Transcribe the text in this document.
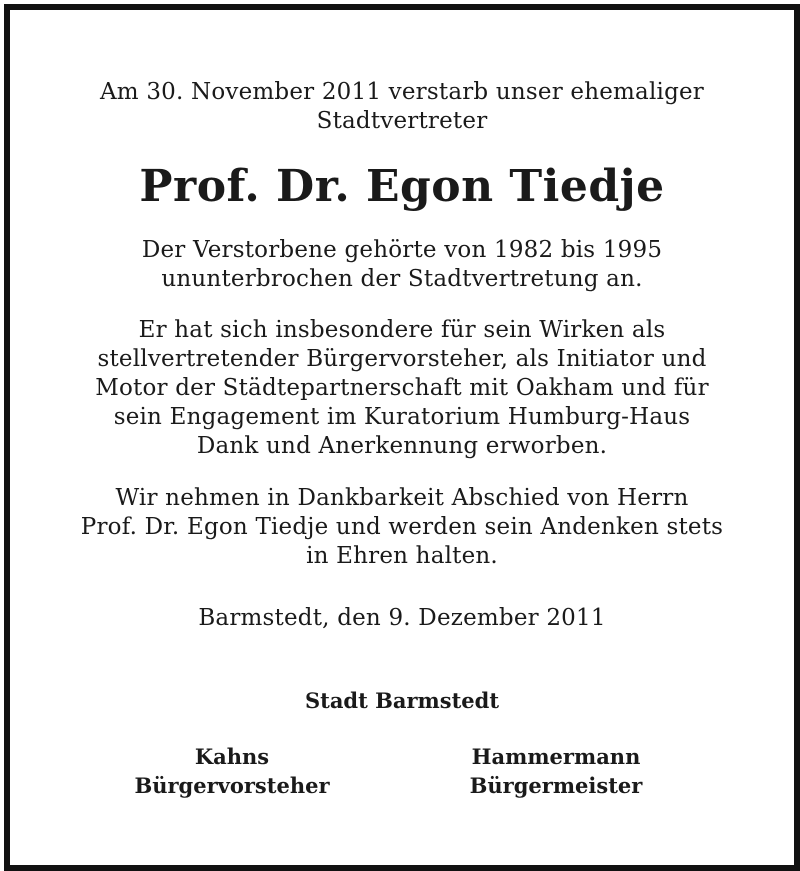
Am 30. November 2011 verstarb unser ehemaliger
Stadtvertreter
Prof. Dr. Egon Tiedje
Der Verstorbene gehörte von 1982 bis 1995
ununterbrochen der Stadtvertretung an.
Er hat sich insbesondere für sein Wirken als
stellvertretender Bürgervorsteher, als Initiator und
Motor der Städtepartnerschaft mit Oakham und für
sein Engagement im Kuratorium Humburg-Haus
Dank und Anerkennung erworben.
Wir nehmen in Dankbarkeit Abschied von Herrn
Prof. Dr. Egon Tiedje und werden sein Andenken stets
in Ehren halten.
Barmstedt, den 9. Dezember 2011
Stadt Barmstedt
Kahns
Bürgervorsteher
Hammermann
Bürgermeister
